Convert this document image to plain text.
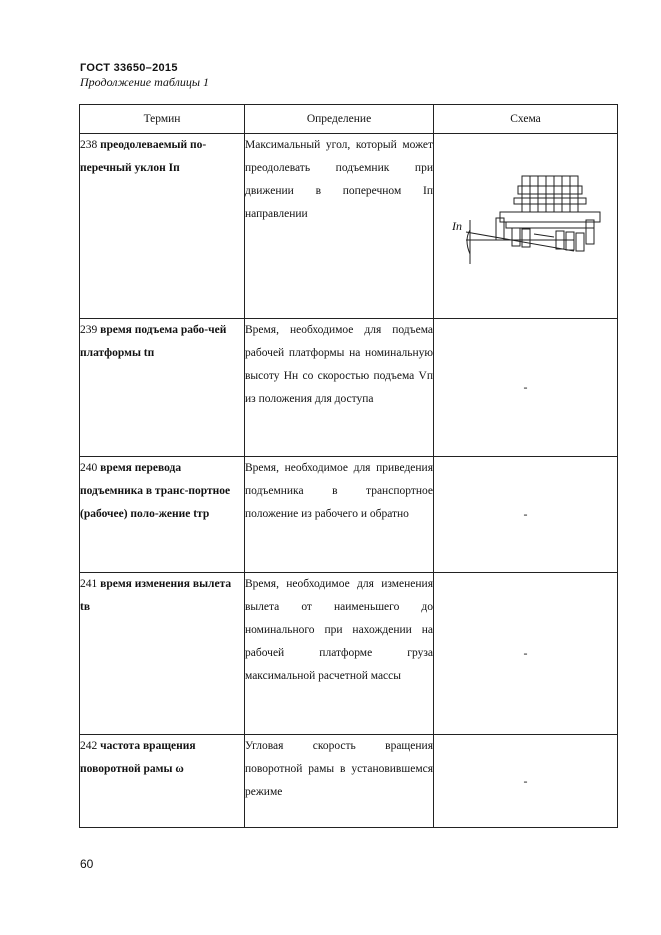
ГОСТ 33650–2015
Продолжение таблицы 1
Термин	Определение	Схема
238 преодолеваемый по-перечный уклон Iп	Максимальный угол, который может преодолевать подъемник при движении в поперечном Iп направлении	Iп

239 время подъема рабо-чей платформы tп	Время, необходимое для подъема рабочей платформы на номинальную высоту Нн со скоростью подъема Vп из положения для доступа	-
240 время перевода подъемника в транс-портное (рабочее) поло-жение tтр	Время, необходимое для приведения подъемника в транспортное положение из рабочего и обратно	-
241 время изменения вылета tв	Время, необходимое для изменения вылета от наименьшего до номинального при нахождении на рабочей платформе груза максимальной расчетной массы	-
242 частота вращения поворотной рамы ω	Угловая скорость вращения поворотной рамы в установившемся режиме	-
60
